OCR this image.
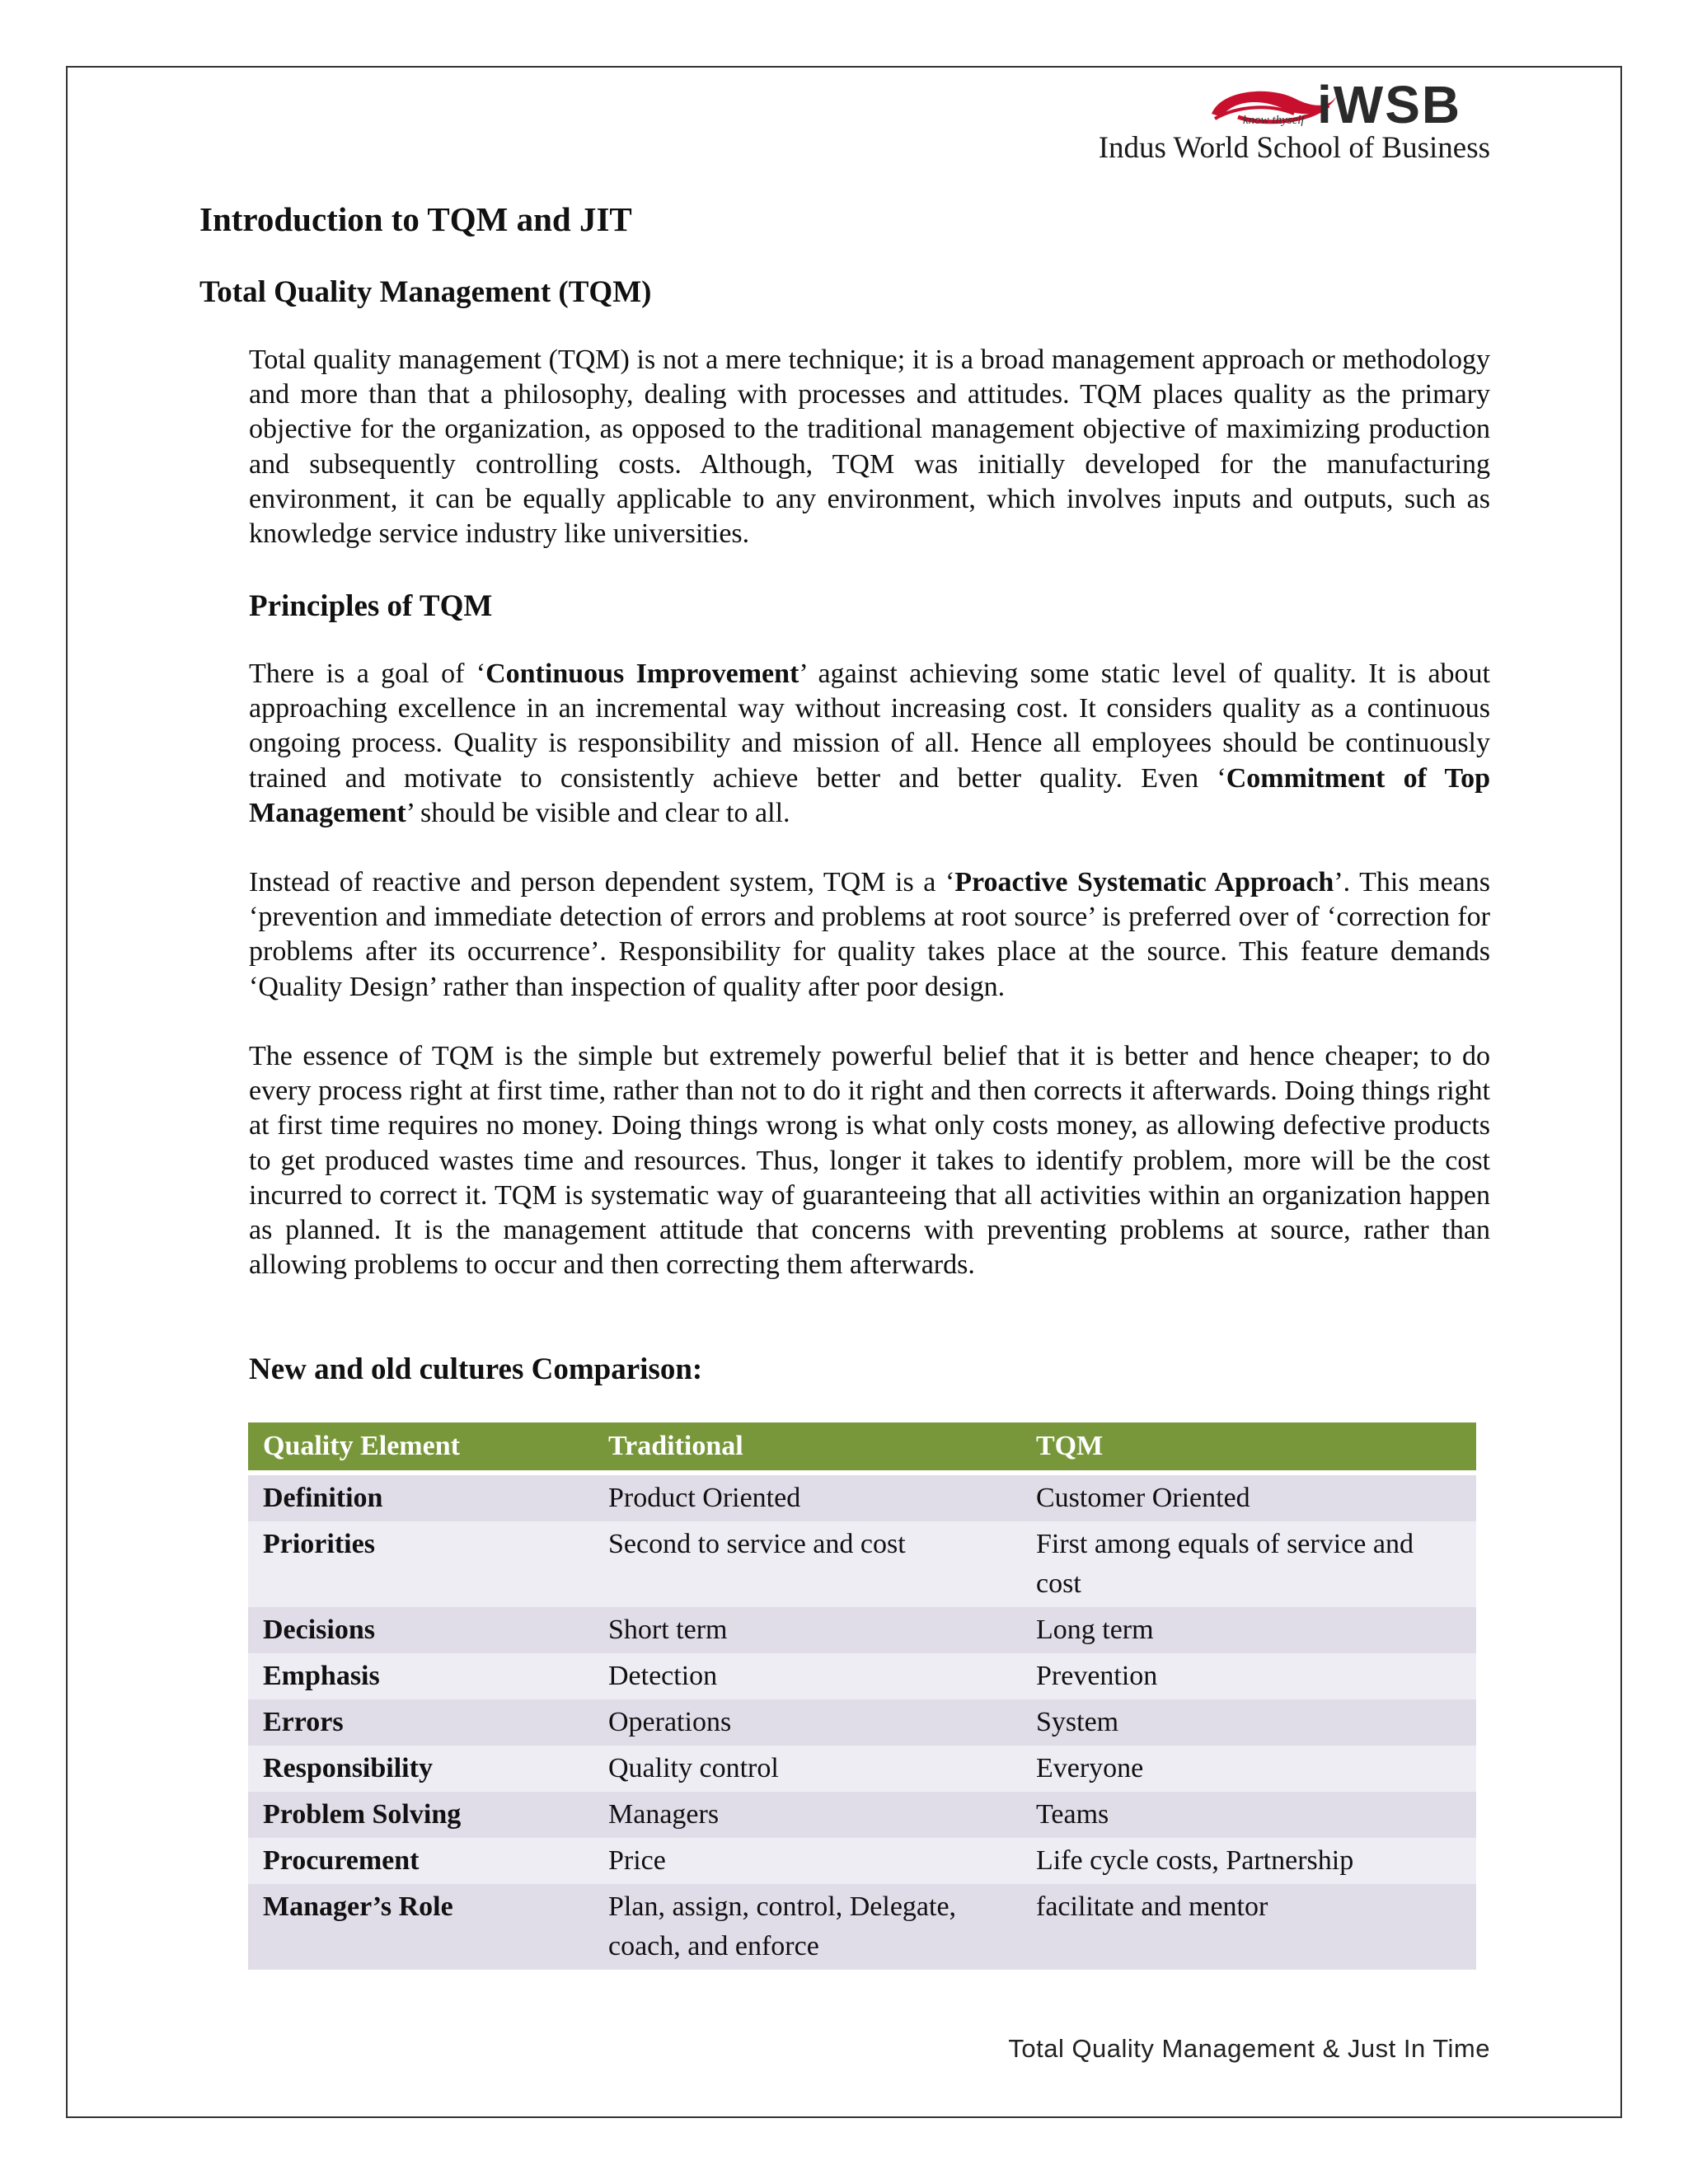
iWSB
know thyself
Indus World School of Business
Introduction to TQM and JIT
Total Quality Management (TQM)
Total quality management (TQM) is not a mere technique; it is a broad management approach or methodology and more than that a philosophy, dealing with processes and attitudes. TQM places quality as the primary objective for the organization, as opposed to the traditional management objective of maximizing production and subsequently controlling costs. Although, TQM was initially developed for the manufacturing environment, it can be equally applicable to any environment, which involves inputs and outputs, such as knowledge service industry like universities.
Principles of TQM
There is a goal of ‘Continuous Improvement’ against achieving some static level of quality. It is about approaching excellence in an incremental way without increasing cost. It considers quality as a continuous ongoing process. Quality is responsibility and mission of all. Hence all employees should be continuously trained and motivate to consistently achieve better and better quality. Even ‘Commitment of Top Management’ should be visible and clear to all.
Instead of reactive and person dependent system, TQM is a ‘Proactive Systematic Approach’. This means ‘prevention and immediate detection of errors and problems at root source’ is preferred over of ‘correction for problems after its occurrence’. Responsibility for quality takes place at the source. This feature demands ‘Quality Design’ rather than inspection of quality after poor design.
The essence of TQM is the simple but extremely powerful belief that it is better and hence cheaper; to do every process right at first time, rather than not to do it right and then corrects it afterwards. Doing things right at first time requires no money. Doing things wrong is what only costs money, as allowing defective products to get produced wastes time and resources. Thus, longer it takes to identify problem, more will be the cost incurred to correct it. TQM is systematic way of guaranteeing that all activities within an organization happen as planned. It is the management attitude that concerns with preventing problems at source, rather than allowing problems to occur and then correcting them afterwards.
New and old cultures Comparison:
Quality Element	Traditional	TQM
Definition	Product Oriented	Customer Oriented
Priorities	Second to service and cost	First among equals of service and cost
Decisions	Short term	Long term
Emphasis	Detection	Prevention
Errors	Operations	System
Responsibility	Quality control	Everyone
Problem Solving	Managers	Teams
Procurement	Price	Life cycle costs, Partnership
Manager’s Role	Plan, assign, control, Delegate, coach, and enforce	facilitate and mentor
Total Quality Management & Just In Time
